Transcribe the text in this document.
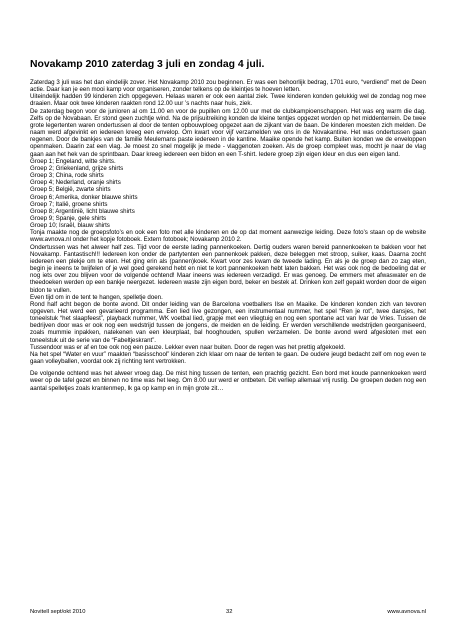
Novakamp 2010 zaterdag 3 juli en zondag 4 juli.

Zaterdag 3 juli was het dan eindelijk zover. Het Novakamp 2010 zou beginnen. Er was een behoorlijk bedrag, 1701 euro, “verdiend” met de Deen actie. Daar kan je een mooi kamp voor organiseren, zonder telkens op de kleintjes te hoeven letten.

Uiteindelijk hadden 99 kinderen zich opgegeven. Helaas waren er ook een aantal ziek. Twee kinderen konden gelukkig wel de zondag nog mee draaien. Maar ook twee kinderen raakten rond 12.00 uur ’s nachts naar huis, ziek.

De zaterdag begon voor de junioren al om 11.00 en voor de pupillen om 12.00 uur met de clubkampioenschappen. Het was erg warm die dag. Zelfs op de Novabaan. Er stond geen zuchtje wind. Na de prijsuitreiking konden de kleine tentjes opgezet worden op het middenterrein. De twee grote legertenten waren ondertussen al door de tenten opbouwploeg opgezet aan de zijkant van de baan. De kinderen moesten zich melden. De naam werd afgevinkt en iedereen kreeg een envelop. Om kwart voor vijf verzamelden we ons in de Novakantine. Het was ondertussen gaan regenen. Door de bankjes van de familie Meulemans paste iedereen in de kantine. Maaike opende het kamp. Buiten konden we de enveloppen openmaken. Daarin zat een vlag. Je moest zo snel mogelijk je mede - vlaggenoten zoeken. Als de groep compleet was, mocht je naar de vlag gaan aan het hek van de sprintbaan. Daar kreeg iedereen een bidon en een T-shirt. Iedere groep zijn eigen kleur en dus een eigen land.

Groep 1; Engeland, witte shirts.

Groep 2; Griekenland, grijze shirts

Groep 3; China, rode shirts

Groep 4; Nederland, oranje shirts

Groep 5; België, zwarte shirts

Groep 6; Amerika, donker blauwe shirts

Groep 7; Italië, groene shirts

Groep 8; Argentinië, licht blauwe shirts

Groep 9; Spanje, gele shirts

Groep 10; Israël, blauw shirts

Tonja maakte nog de groepsfoto’s en ook een foto met alle kinderen en de op dat moment aanwezige leiding. Deze foto’s staan op de website www.avnova.nl onder het kopje fotoboek. Extern fotoboek; Novakamp 2010 2.

Ondertussen was het alweer half zes. Tijd voor de eerste lading pannenkoeken. Dertig ouders waren bereid pannenkoeken te bakken voor het Novakamp. Fantastisch!!! Iedereen kon onder de partytenten een pannenkoek pakken, deze beleggen met stroop, suiker, kaas. Daarna zocht iedereen een plekje om te eten. Het ging erin als (pannen)koek. Kwart voor zes kwam de tweede lading. En als je de groep dan zo zag eten, begin je ineens te twijfelen of je wel goed gerekend hebt en niet te kort pannenkoeken hebt laten bakken. Het was ook nog de bedoeling dat er nog iets over zou blijven voor de volgende ochtend! Maar ineens was iedereen verzadigd. Er was genoeg. De emmers met afwaswater en de theedoeken werden op een bankje neergezet. Iedereen waste zijn eigen bord, beker en bestek af. Drinken kon zelf gepakt worden door de eigen bidon te vullen.

Even tijd om in de tent te hangen, spelletje doen.

Rond half acht begon de bonte avond. Dit onder leiding van de Barcelona voetballers Ilse en Maaike. De kinderen konden zich van tevoren opgeven. Het werd een gevarieerd programma. Een lied live gezongen, een instrumentaal nummer, het spel “Ren je rot”, twee dansjes, het toneelstuk “het slaapfeest”, playback nummer, WK voetbal lied, grapje met een vliegtuig en nog een spontane act van Ivar de Vries. Tussen de bedrijven door was er ook nog een wedstrijd tussen de jongens, de meiden en de leiding. Er werden verschillende wedstrijden georganiseerd, zoals mummie inpakken, natekenen van een kleurplaat, bal hooghouden, spullen verzamelen. De bonte avond werd afgesloten met een toneelstuk uit de serie van de “Fabeltjeskrant”.

Tussendoor was er af en toe ook nog een pauze. Lekker even naar buiten. Door de regen was het prettig afgekoeld.

Na het spel “Water en vuur” maakten “basisschool” kinderen zich klaar om naar de tenten te gaan. De oudere jeugd bedacht zelf om nog even te gaan volleyballen, voordat ook zij richting tent vertrokken.

De volgende ochtend was het alweer vroeg dag. De mist hing tussen de tenten, een prachtig gezicht. Een bord met koude pannenkoeken werd weer op de tafel gezet en binnen no time was het leeg. Om 8.00 uur werd er ontbeten. Dit verliep allemaal vrij rustig. De groepen deden nog een aantal spelletjes zoals krantenmep, lk ga op kamp en in mijn grote zit…

Novitell sept/okt 2010	32	www.avnova.nl
